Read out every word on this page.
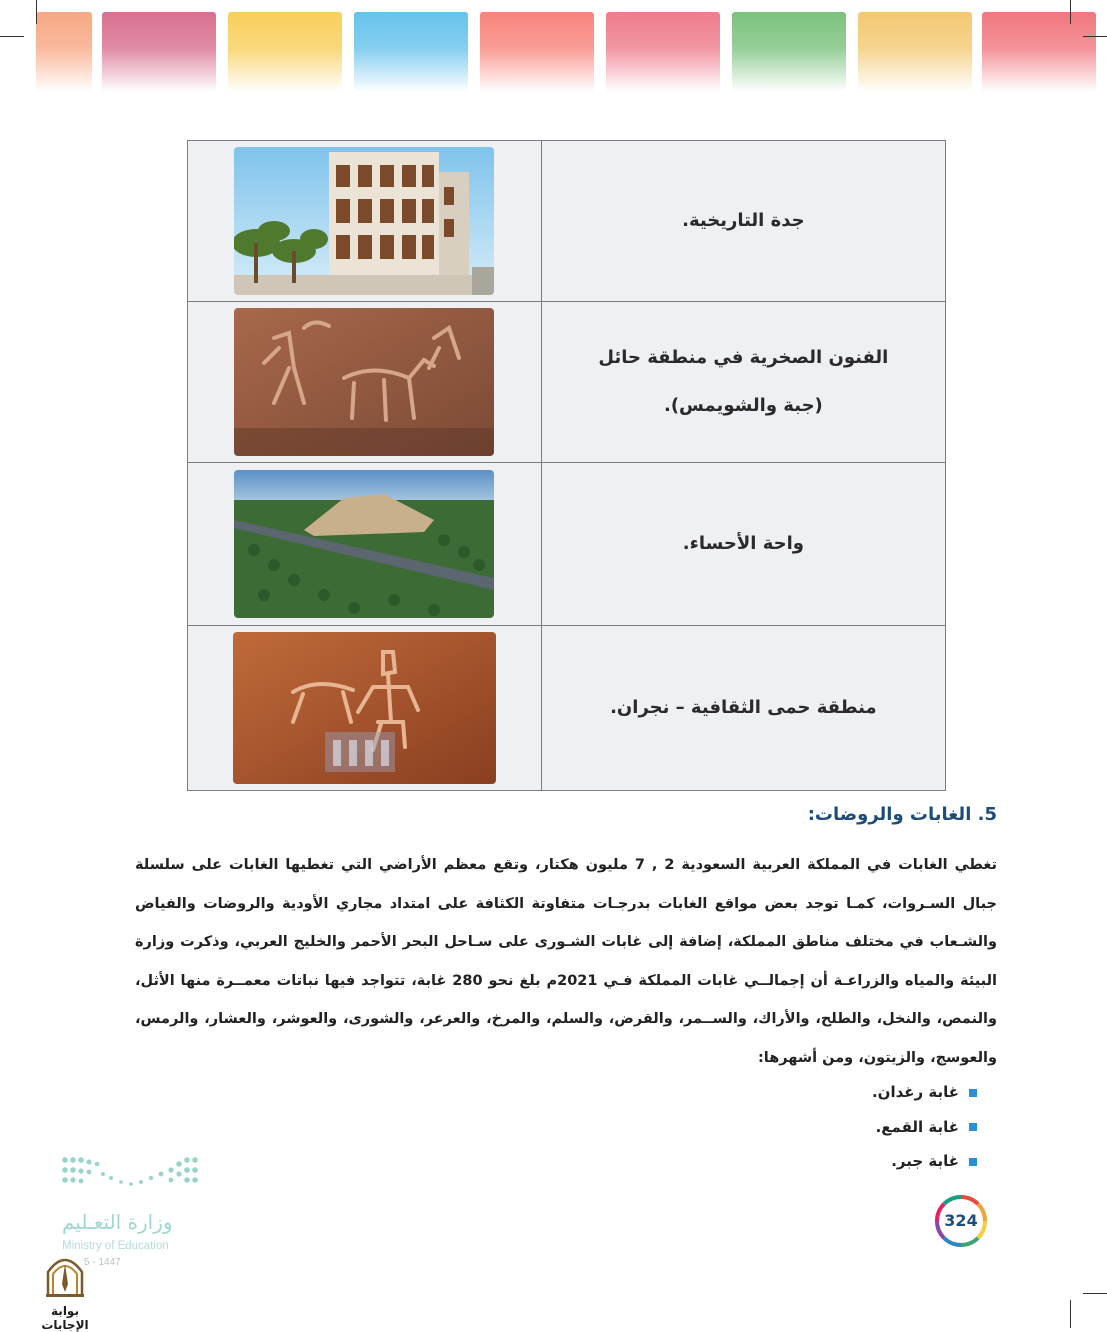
جدة التاريخية.

الفنون الصخرية في منطقة حائل
(جبة والشويمس).

واحة الأحساء.

منطقة حمى الثقافية – نجران.

5. الغابات والروضات:
تغطي الغابات في المملكة العربية السعودية 2 , 7 مليون هكتار، وتقع معظم الأراضي التي تغطيها الغابات على سلسلة جبال السـروات، كمـا توجد بعض مواقع الغابات بدرجـات متفاوتة الكثافة على امتداد مجاري الأودية والروضات والفياض والشـعاب في مختلف مناطق المملكة، إضافة إلى غابات الشـورى على سـاحل البحر الأحمر والخليج العربي، وذكرت وزارة البيئة والمياه والزراعـة أن إجمالــي غابات المملكة فـي 2021م بلغ نحو 280 غابة، تتواجد فيها نباتات معمــرة منها الأثل، والنمص، والنخل، والطلح، والأراك، والســمر، والقرض، والسلم، والمرخ، والعرعر، والشورى، والعوشر، والعشار، والرمس، والعوسج، والزيتون، ومن أشهرها:
غابة رغدان.
غابة القمع.
غابة جبر.
324
وزارة التعـليم
Ministry of Education
5 - 1447
بوابة الإجابات
